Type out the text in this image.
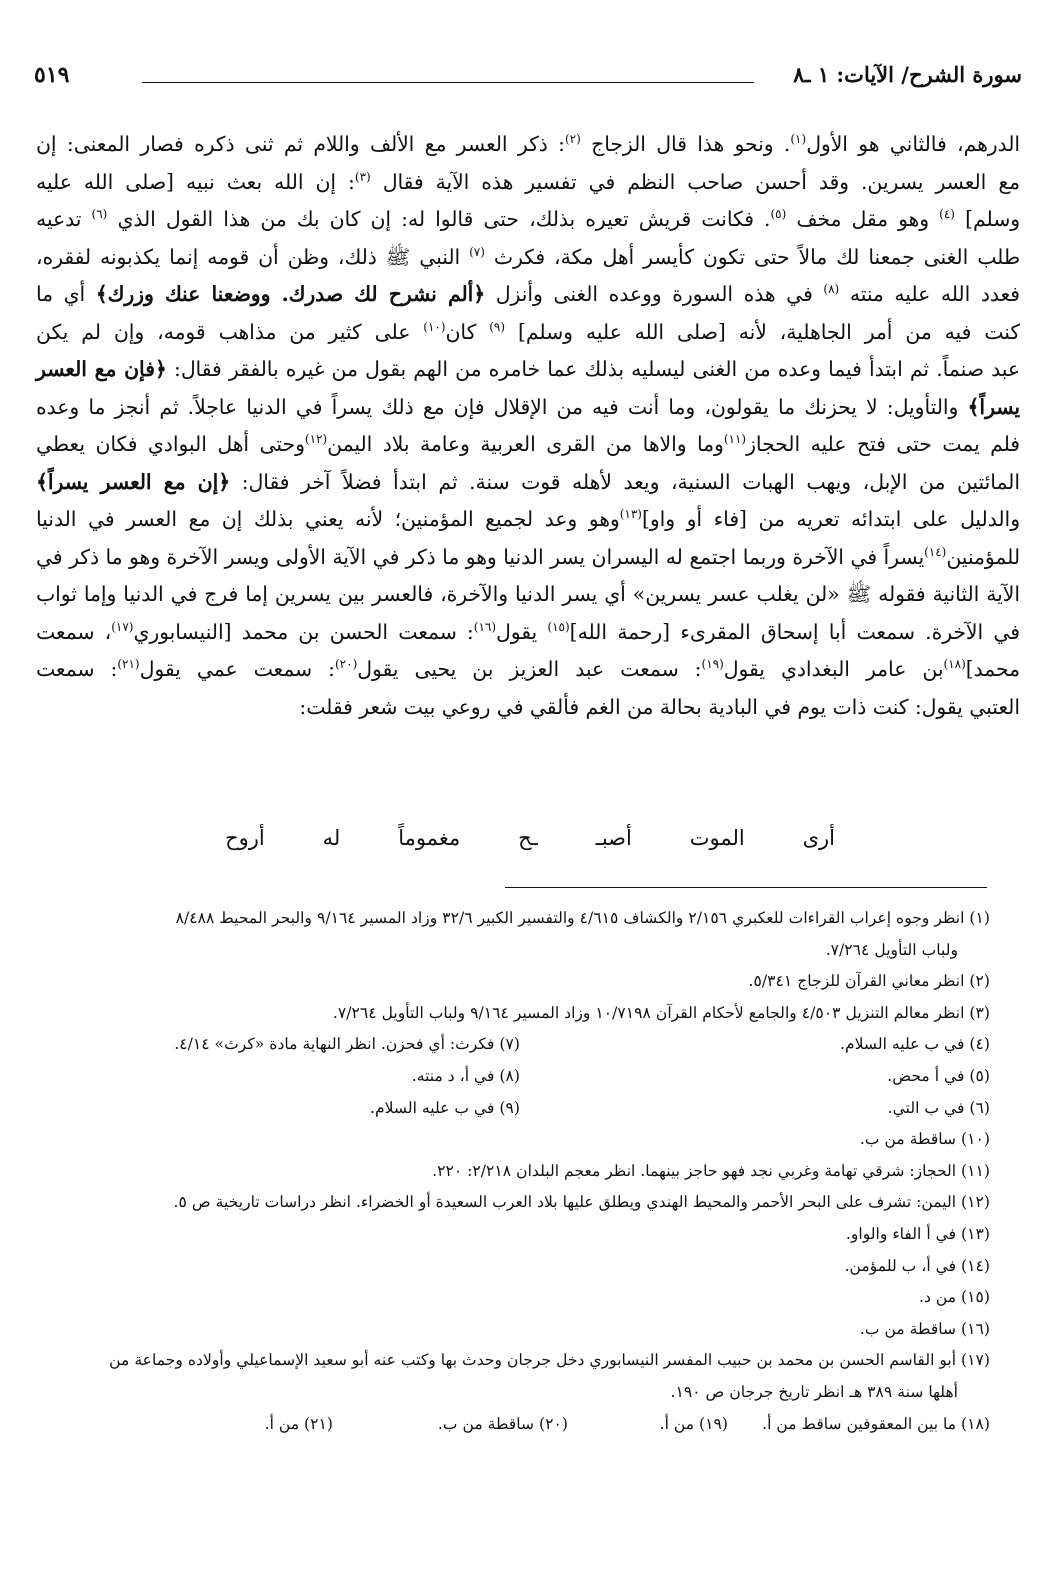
٥١٩	سورة الشرح/ الآيات: ١ ـ٨

الدرهم، فالثاني هو الأول$^{(١)}$. ونحو هذا قال الزجاج $^{(٢)}$: ذكر العسر مع الألف واللام ثم ثنى ذكره فصار المعنى: إن

مع العسر يسرين. وقد أحسن صاحب النظم في تفسير هذه الآية فقال $^{(٣)}$: إن الله بعث نبيه [صلى الله عليه

وسلم] $^{(٤)}$ وهو مقل مخف $^{(٥)}$. فكانت قريش تعيره بذلك، حتى قالوا له: إن كان بك من هذا القول الذي $^{(٦)}$ تدعيه

طلب الغنى جمعنا لك مالاً حتى تكون كأيسر أهل مكة، فكرث $^{(٧)}$ النبي ﷺ ذلك، وظن أن قومه إنما يكذبونه لفقره،

فعدد الله عليه منته $^{(٨)}$ في هذه السورة ووعده الغنى وأنزل ﴿ألم نشرح لك صدرك. ووضعنا عنك وزرك﴾ أي ما

كنت فيه من أمر الجاهلية، لأنه [صلى الله عليه وسلم] $^{(٩)}$ كان$^{(١٠)}$ على كثير من مذاهب قومه، وإن لم يكن

عبد صنماً. ثم ابتدأ فيما وعده من الغنى ليسليه بذلك عما خامره من الهم بقول من غيره بالفقر فقال: ﴿فإن مع العسر

يسراً﴾ والتأويل: لا يحزنك ما يقولون، وما أنت فيه من الإقلال فإن مع ذلك يسراً في الدنيا عاجلاً. ثم أنجز ما وعده

فلم يمت حتى فتح عليه الحجاز$^{(١١)}$وما والاها من القرى العربية وعامة بلاد اليمن$^{(١٢)}$وحتى أهل البوادي فكان يعطي

المائتين من الإبل، ويهب الهبات السنية، ويعد لأهله قوت سنة. ثم ابتدأ فضلاً آخر فقال: ﴿إن مع العسر يسراً﴾

والدليل على ابتدائه تعريه من [فاء أو واو]$^{(١٣)}$وهو وعد لجميع المؤمنين؛ لأنه يعني بذلك إن مع العسر في الدنيا

للمؤمنين$^{(١٤)}$يسراً في الآخرة وربما اجتمع له اليسران يسر الدنيا وهو ما ذكر في الآية الأولى ويسر الآخرة وهو ما ذكر في

الآية الثانية فقوله ﷺ «لن يغلب عسر يسرين» أي يسر الدنيا والآخرة، فالعسر بين يسرين إما فرج في الدنيا وإما ثواب

في الآخرة. سمعت أبا إسحاق المقرىء [رحمة الله]$^{(١٥)}$ يقول$^{(١٦)}$: سمعت الحسن بن محمد [النيسابوري$^{(١٧)}$، سمعت

محمد]$^{(١٨)}$بن عامر البغدادي يقول$^{(١٩)}$: سمعت عبد العزيز بن يحيى يقول$^{(٢٠)}$: سمعت عمي يقول$^{(٢١)}$: سمعت

العتبي يقول: كنت ذات يوم في البادية بحالة من الغم فألقي في روعي بيت شعر فقلت:

أرى
الموت
أصبـ
ـح
مغموماً
له
أروح
(١) انظر وجوه إعراب القراءات للعكبري ٢/١٥٦ والكشاف ٤/٦١٥ والتفسير الكبير ٣٢/٦ وزاد المسير ٩/١٦٤ والبحر المحيط ٨/٤٨٨
ولباب التأويل ٧/٢٦٤.
(٢) انظر معاني القرآن للزجاج ٥/٣٤١.
(٣) انظر معالم التنزيل ٤/٥٠٣ والجامع لأحكام القرآن ١٠/٧١٩٨ وزاد المسير ٩/١٦٤ ولباب التأويل ٧/٢٦٤.
(٤) في ب عليه السلام.
(٧) فكرث: أي فحزن. انظر النهاية مادة «كرث» ٤/١٤.
(٥) في أ محض.
(٨) في أ، د منته.
(٦) في ب التي.
(٩) في ب عليه السلام.
(١٠) ساقطة من ب.
(١١) الحجاز: شرقي تهامة وغربي نجد فهو حاجز بينهما. انظر معجم البلدان ٢/٢١٨: ٢٢٠.
(١٢) اليمن: تشرف على البحر الأحمر والمحيط الهندي ويطلق عليها بلاد العرب السعيدة أو الخضراء. انظر دراسات تاريخية ص ٥.
(١٣) في أ الفاء والواو.
(١٤) في أ، ب للمؤمن.
(١٥) من د.
(١٦) ساقطة من ب.
(١٧) أبو القاسم الحسن بن محمد بن حبيب المفسر النيسابوري دخل جرجان وحدث بها وكتب عنه أبو سعيد الإسماعيلي وأولاده وجماعة من
أهلها سنة ٣٨٩ هـ انظر تاريخ جرجان ص ١٩٠.
(١٨) ما بين المعقوفين ساقط من أ.
(١٩) من أ.
(٢٠) ساقطة من ب.
(٢١) من أ.
